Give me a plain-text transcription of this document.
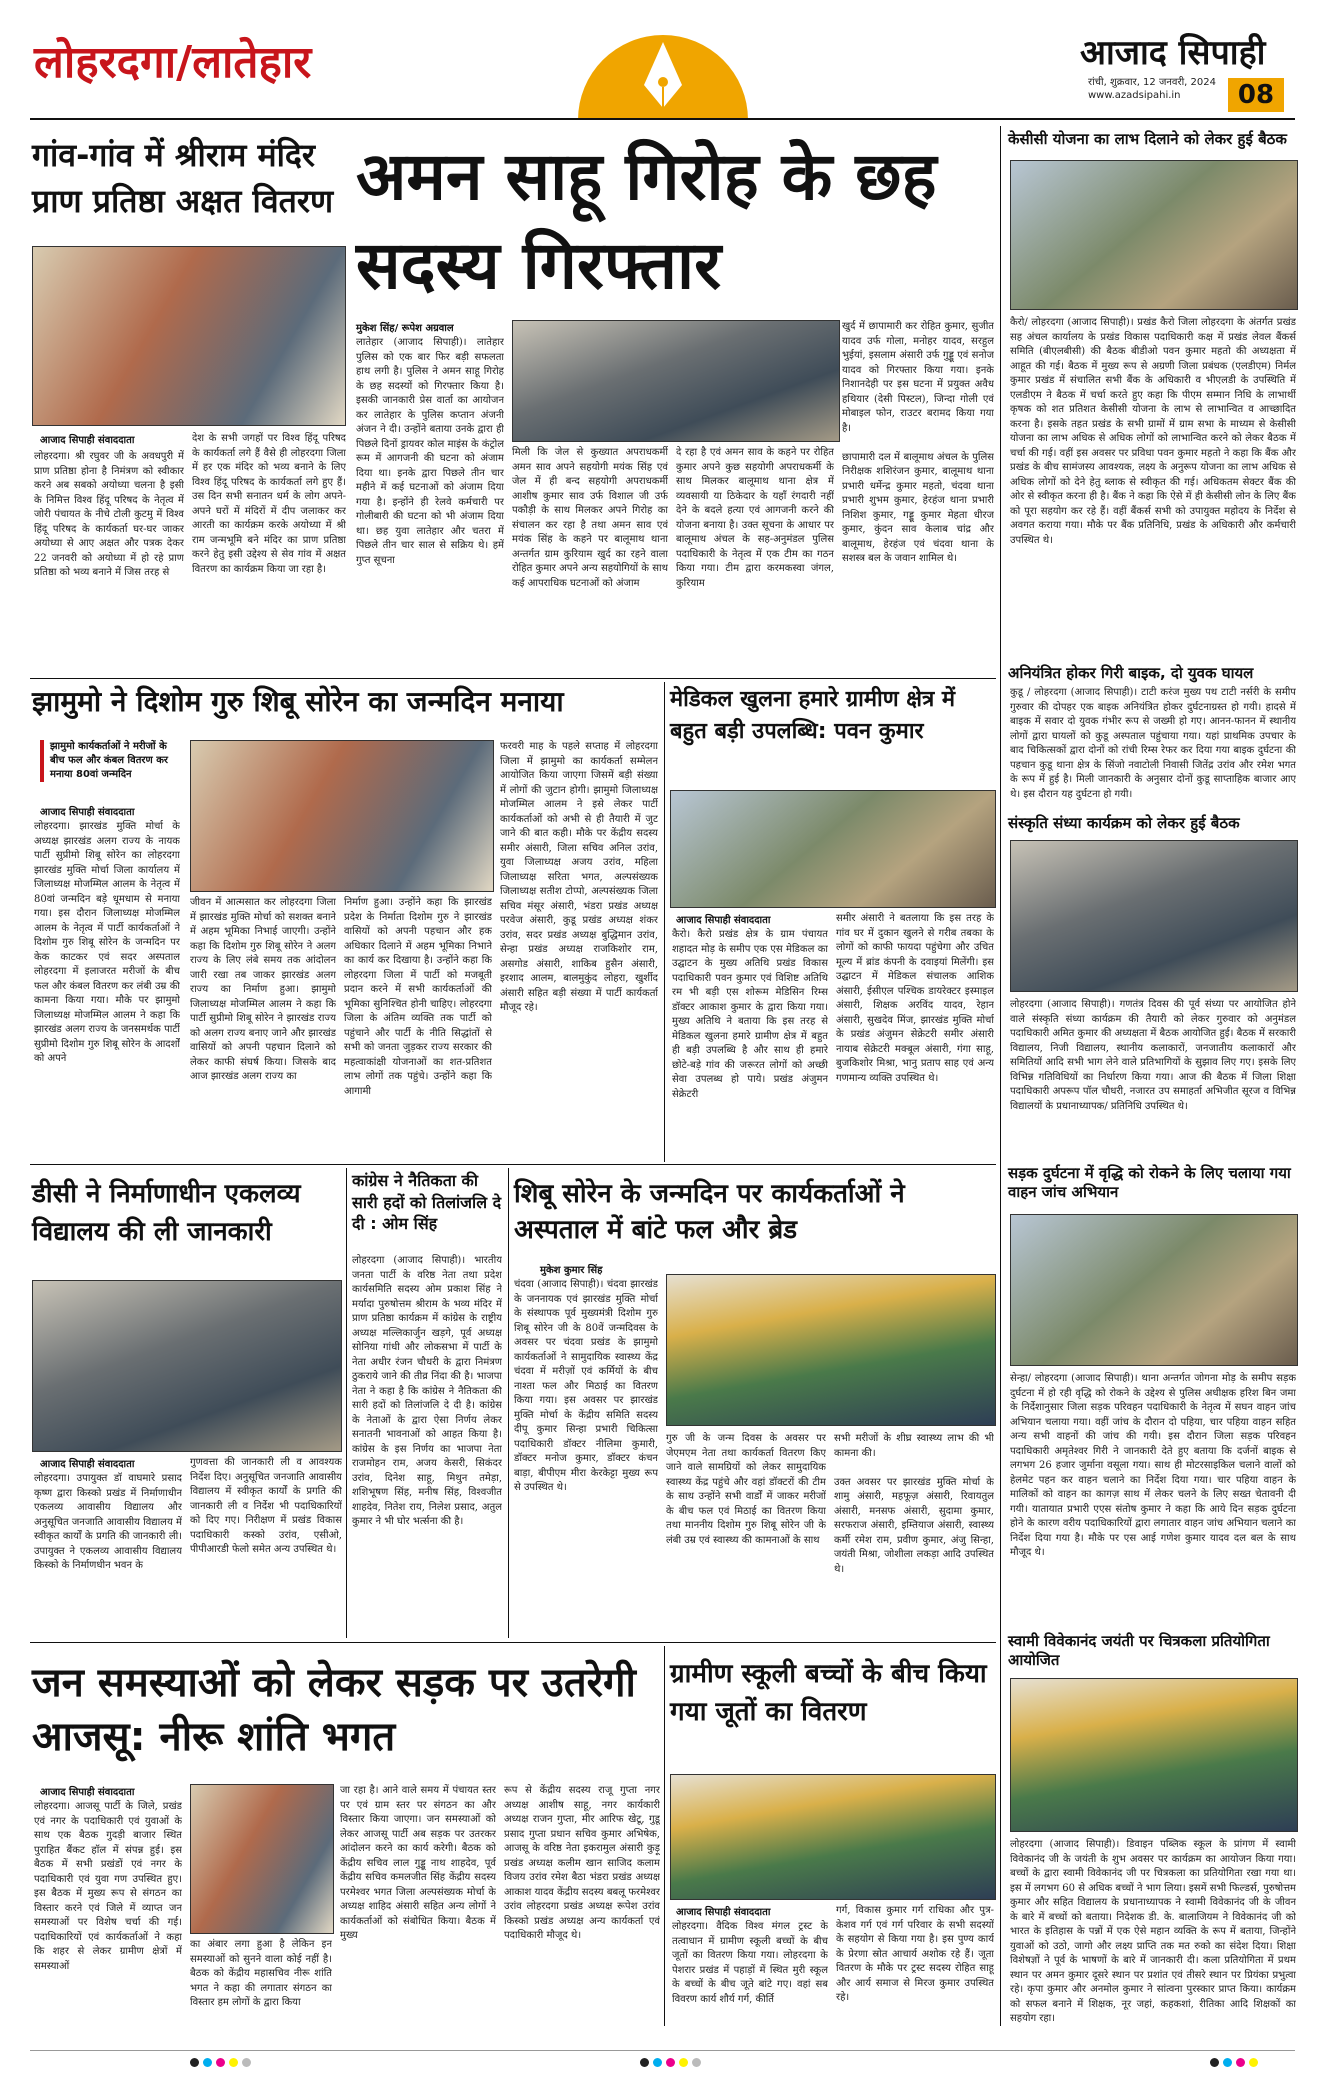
लोहरदगा/लातेहार	आजाद सिपाही
रांची, शुक्रवार, 12 जनवरी, 2024
www.azadsipahi.in	08
गांव-गांव में श्रीराम मंदिर प्राण प्रतिष्ठा अक्षत वितरण
आजाद सिपाही संवाददाता
लोहरदगा। श्री रघुवर जी के अवधपुरी में प्राण प्रतिष्ठा होना है निमंत्रण को स्वीकार करने अब सबको अयोध्या चलना है इसी के निमित्त विश्व हिंदू परिषद के नेतृत्व में जोरी पंचायत के नीचे टोली कुटमु में विश्व हिंदू परिषद के कार्यकर्ता घर-घर जाकर अयोध्या से आए अक्षत और पत्रक देकर 22 जनवरी को अयोध्या में हो रहे प्राण प्रतिष्ठा को भव्य बनाने में जिस तरह से
देश के सभी जगहों पर विश्व हिंदू परिषद के कार्यकर्ता लगे हैं वैसे ही लोहरदगा जिला में हर एक मंदिर को भव्य बनाने के लिए विश्व हिंदू परिषद के कार्यकर्ता लगे हुए हैं। उस दिन सभी सनातन धर्म के लोग अपने-अपने घरों में मंदिरों में दीप जलाकर कर आरती का कार्यक्रम करके अयोध्या में श्री राम जन्मभूमि बने मंदिर का प्राण प्रतिष्ठा करने हेतु इसी उद्देश्य से सेव गांव में अक्षत वितरण का कार्यक्रम किया जा रहा है।
अमन साहू गिरोह के छह सदस्य गिरफ्तार
मुकेश सिंह/ रूपेश अग्रवाल
लातेहार (आजाद सिपाही)। लातेहार पुलिस को एक बार फिर बड़ी सफलता हाथ लगी है। पुलिस ने अमन साहू गिरोह के छह सदस्यों को गिरफ्तार किया है। इसकी जानकारी प्रेस वार्ता का आयोजन कर लातेहार के पुलिस कप्तान अंजनी अंजन ने दी। उन्होंने बताया उनके द्वारा ही पिछले दिनों ड्रायवर कोल माइंस के कंट्रोल रूम में आगजनी की घटना को अंजाम दिया था। इनके द्वारा पिछले तीन चार महीने में कई घटनाओं को अंजाम दिया गया है। इन्होंने ही रेलवे कर्मचारी पर गोलीबारी की घटना को भी अंजाम दिया था। छह युवा लातेहार और चतरा में पिछले तीन चार साल से सक्रिय थे। हमें गुप्त सूचना
मिली कि जेल से कुख्यात अपराधकर्मी अमन साव अपने सहयोगी मयंक सिंह एवं जेल में ही बन्द सहयोगी अपराधकर्मी आशीष कुमार साव उर्फ विशाल जी उर्फ पकौड़ी के साथ मिलकर अपने गिरोह का संचालन कर रहा है तथा अमन साव एवं मयंक सिंह के कहने पर बालूमाथ थाना अन्तर्गत ग्राम कुरियाम खुर्द का रहने वाला रोहित कुमार अपने अन्य सहयोगियों के साथ कई आपराधिक घटनाओं को अंजाम
दे रहा है एवं अमन साव के कहने पर रोहित कुमार अपने कुछ सहयोगी अपराधकर्मी के साथ मिलकर बालूमाथ थाना क्षेत्र में व्यवसायी या ठिकेदार के यहाँ रंगदारी नहीं देने के बदले हत्या एवं आगजनी करने की योजना बनाया है। उक्त सूचना के आधार पर बालूमाथ अंचल के सह-अनुमंडल पुलिस पदाधिकारी के नेतृत्व में एक टीम का गठन किया गया। टीम द्वारा करमकस्वा जंगल, कुरियाम
खुर्द में छापामारी कर रोहित कुमार, सुजीत यादव उर्फ गोला, मनोहर यादव, सरहुल भुईयां, इसलाम अंसारी उर्फ गुड्डू एवं सनोज यादव को गिरफ्तार किया गया। इनके निशानदेही पर इस घटना में प्रयुक्त अवैध हथियार (देसी पिस्टल), जिन्दा गोली एवं मोबाइल फोन, राउटर बरामद किया गया है।

छापामारी दल में बालूमाथ अंचल के पुलिस निरीक्षक शशिरंजन कुमार, बालूमाथ थाना प्रभारी धर्मेन्द्र कुमार महतो, चंदवा थाना प्रभारी शुभम कुमार, हेरहंज थाना प्रभारी निशिश कुमार, गड्डू कुमार मेहता धीरज कुमार, कुंदन साव केलाब चांद्र और बालूमाथ, हेरहंज एवं चंदवा थाना के सशस्त्र बल के जवान शामिल थे।
केसीसी योजना का लाभ दिलाने को लेकर हुई बैठक
कैरो/ लोहरदगा (आजाद सिपाही)। प्रखंड कैरो जिला लोहरदगा के अंतर्गत प्रखंड सह अंचल कार्यालय के प्रखंड विकास पदाधिकारी कक्ष में प्रखंड लेवल बैंकर्स समिति (बीएलबीसी) की बैठक बीडीओ पवन कुमार महतो की अध्यक्षता में आहूत की गई। बैठक में मुख्य रूप से अग्रणी जिला प्रबंधक (एलडीएम) निर्मल कुमार प्रखंड में संचालित सभी बैंक के अधिकारी व भीएलडी के उपस्थिति में एलडीएम ने बैठक में चर्चा करते हुए कहा कि पीएम सम्मान निधि के लाभार्थी कृषक को शत प्रतिशत केसीसी योजना के लाभ से लाभान्वित व आच्छादित करना है। इसके तहत प्रखंड के सभी ग्रामों में ग्राम सभा के माध्यम से केसीसी योजना का लाभ अधिक से अधिक लोगों को लाभान्वित करने को लेकर बैठक में चर्चा की गई। वहीं इस अवसर पर प्रविधा पवन कुमार महतो ने कहा कि बैंक और प्रखंड के बीच सामंजस्य आवश्यक, लक्ष्य के अनुरूप योजना का लाभ अधिक से अधिक लोगों को देने हेतु ब्लाक से स्वीकृत की गई। अधिकतम सेक्टर बैंक की ओर से स्वीकृत करना ही है। बैंक ने कहा कि ऐसे में ही केसीसी लोन के लिए बैंक को पूरा सहयोग कर रहे हैं। वहीं बैंकर्स सभी को उपायुक्त महोदय के निर्देश से अवगत कराया गया। मौके पर बैंक प्रतिनिधि, प्रखंड के अधिकारी और कर्मचारी उपस्थित थे।
अनियंत्रित होकर गिरी बाइक, दो युवक घायल
कुडू / लोहरदगा (आजाद सिपाही)। टाटी करंज मुख्य पथ टाटी नर्सरी के समीप गुरुवार की दोपहर एक बाइक अनियंत्रित होकर दुर्घटनाग्रस्त हो गयी। हादसे में बाइक में सवार दो युवक गंभीर रूप से जख्मी हो गए। आनन-फानन में स्थानीय लोगों द्वारा घायलों को कुडू अस्पताल पहुंचाया गया। यहां प्राथमिक उपचार के बाद चिकित्सकों द्वारा दोनों को रांची रिम्स रेफर कर दिया गया बाइक दुर्घटना की पहचान कुडू थाना क्षेत्र के सिंजो नवाटोली निवासी जितेंद्र उरांव और रमेश भगत के रूप में हुई है। मिली जानकारी के अनुसार दोनों कुडू साप्ताहिक बाजार आए थे। इस दौरान यह दुर्घटना हो गयी।
संस्कृति संध्या कार्यक्रम को लेकर हुई बैठक
लोहरदगा (आजाद सिपाही)। गणतंत्र दिवस की पूर्व संध्या पर आयोजित होने वाले संस्कृति संध्या कार्यक्रम की तैयारी को लेकर गुरुवार को अनुमंडल पदाधिकारी अमित कुमार की अध्यक्षता में बैठक आयोजित हुई। बैठक में सरकारी विद्यालय, निजी विद्यालय, स्थानीय कलाकारों, जनजातीय कलाकारों और समितियों आदि सभी भाग लेने वाले प्रतिभागियों के सुझाव लिए गए। इसके लिए विभिन्न गतिविधियों का निर्धारण किया गया। आज की बैठक में जिला शिक्षा पदाधिकारी अपरूप पॉल चौधरी, नजारत उप समाहर्ता अभिजीत सूरज व विभिन्न विद्यालयों के प्रधानाध्यापक/ प्रतिनिधि उपस्थित थे।
सड़क दुर्घटना में वृद्धि को रोकने के लिए चलाया गया वाहन जांच अभियान
सेन्हा/ लोहरदगा (आजाद सिपाही)। थाना अन्तर्गत जोगना मोड़ के समीप सड़क दुर्घटना में हो रही वृद्धि को रोकने के उद्देश्य से पुलिस अधीक्षक हरिश बिन जमा के निर्देशानुसार जिला सड़क परिवहन पदाधिकारी के नेतृत्व में सघन वाहन जांच अभियान चलाया गया। वहीं जांच के दौरान दो पहिया, चार पहिया वाहन सहित अन्य सभी वाहनों की जांच की गयी। इस दौरान जिला सड़क परिवहन पदाधिकारी अमृतेश्वर गिरी ने जानकारी देते हुए बताया कि दर्जनों बाइक से लगभग 26 हजार जुर्माना वसूला गया। साथ ही मोटरसाइकिल चलाने वालों को हेलमेट पहन कर वाहन चलाने का निर्देश दिया गया। चार पहिया वाहन के मालिकों को वाहन का कागज़ साथ में लेकर चलने के लिए सख्त चेतावनी दी गयी। यातायात प्रभारी एएस संतोष कुमार ने कहा कि आये दिन सड़क दुर्घटना होने के कारण वरीय पदाधिकारियों द्वारा लगातार वाहन जांच अभियान चलाने का निर्देश दिया गया है। मौके पर एस आई गणेश कुमार यादव दल बल के साथ मौजूद थे।
स्वामी विवेकानंद जयंती पर चित्रकला प्रतियोगिता आयोजित
लोहरदगा (आजाद सिपाही)। डिवाइन पब्लिक स्कूल के प्रांगण में स्वामी विवेकानंद जी के जयंती के शुभ अवसर पर कार्यक्रम का आयोजन किया गया। बच्चों के द्वारा स्वामी विवेकानंद जी पर चित्रकला का प्रतियोगिता रखा गया था। इस में लगभग 60 से अधिक बच्चों ने भाग लिया। इसमें सभी फिल्डर्स, पुरुषोत्तम कुमार और सहित विद्यालय के प्रधानाध्यापक ने स्वामी विवेकानंद जी के जीवन के बारे में बच्चों को बताया। निदेशक डी. के. बालाजियम ने विवेकानंद जी को भारत के इतिहास के पन्नों में एक ऐसे महान व्यक्ति के रूप में बताया, जिन्होंने युवाओं को उठो, जागो और लक्ष्य प्राप्ति तक मत रुको का संदेश दिया। शिक्षा विशेषज्ञों ने पूर्व के भाषणों के बारे में जानकारी दी। कला प्रतियोगिता में प्रथम स्थान पर अमन कुमार दूसरे स्थान पर प्रशांत एवं तीसरे स्थान पर प्रियंका प्रभुत्वा रहे। कृपा कुमार और अनमोल कुमार ने सांत्वना पुरस्कार प्राप्त किया। कार्यक्रम को सफल बनाने में शिक्षक, नूर जहां, कहकशां, रीतिका आदि शिक्षकों का सहयोग रहा।
झामुमो ने दिशोम गुरु शिबू सोरेन का जन्मदिन मनाया
झामुमो कार्यकर्ताओं ने मरीजों के बीच फल और कंबल वितरण कर मनाया 80वां जन्मदिन
आजाद सिपाही संवाददाता
लोहरदगा। झारखंड मुक्ति मोर्चा के अध्यक्ष झारखंड अलग राज्य के नायक पार्टी सुप्रीमो शिबू सोरेन का लोहरदगा झारखंड मुक्ति मोर्चा जिला कार्यालय में जिलाध्यक्ष मोजम्मिल आलम के नेतृत्व में 80वां जन्मदिन बड़े धूमधाम से मनाया गया। इस दौरान जिलाध्यक्ष मोजम्मिल आलम के नेतृत्व में पार्टी कार्यकर्ताओं ने दिशोम गुरु शिबू सोरेन के जन्मदिन पर केक काटकर एवं सदर अस्पताल लोहरदगा में इलाजरत मरीजों के बीच फल और कंबल वितरण कर लंबी उम्र की कामना किया गया। मौके पर झामुमो जिलाध्यक्ष मोजम्मिल आलम ने कहा कि झारखंड अलग राज्य के जनसमर्थक पार्टी सुप्रीमो दिशोम गुरु शिबू सोरेन के आदर्शों को अपने
जीवन में आत्मसात कर लोहरदगा जिला में झारखंड मुक्ति मोर्चा को सशक्त बनाने में अहम भूमिका निभाई जाएगी। उन्होंने कहा कि दिशोम गुरु शिबू सोरेन ने अलग राज्य के लिए लंबे समय तक आंदोलन जारी रखा तब जाकर झारखंड अलग राज्य का निर्माण हुआ। झामुमो जिलाध्यक्ष मोजम्मिल आलम ने कहा कि पार्टी सुप्रीमो शिबू सोरेन ने झारखंड राज्य को अलग राज्य बनाए जाने और झारखंड वासियों को अपनी पहचान दिलाने को लेकर काफी संघर्ष किया। जिसके बाद आज झारखंड अलग राज्य का
निर्माण हुआ। उन्होंने कहा कि झारखंड प्रदेश के निर्माता दिशोम गुरु ने झारखंड वासियों को अपनी पहचान और हक अधिकार दिलाने में अहम भूमिका निभाने का कार्य कर दिखाया है। उन्होंने कहा कि लोहरदगा जिला में पार्टी को मजबूती प्रदान करने में सभी कार्यकर्ताओं की भूमिका सुनिश्चित होनी चाहिए। लोहरदगा जिला के अंतिम व्यक्ति तक पार्टी को पहुंचाने और पार्टी के नीति सिद्धांतों से सभी को जनता जुड़कर राज्य सरकार की महत्वाकांक्षी योजनाओं का शत-प्रतिशत लाभ लोगों तक पहुंचे। उन्होंने कहा कि आगामी
फरवरी माह के पहले सप्ताह में लोहरदगा जिला में झामुमो का कार्यकर्ता सम्मेलन आयोजित किया जाएगा जिसमें बड़ी संख्या में लोगों की जुटान होगी। झामुमो जिलाध्यक्ष मोजम्मिल आलम ने इसे लेकर पार्टी कार्यकर्ताओं को अभी से ही तैयारी में जुट जाने की बात कही। मौके पर केंद्रीय सदस्य समीर अंसारी, जिला सचिव अनिल उरांव, युवा जिलाध्यक्ष अजय उरांव, महिला जिलाध्यक्ष सरिता भगत, अल्पसंख्यक जिलाध्यक्ष सतीश टोप्पो, अल्पसंख्यक जिला सचिव मंसूर अंसारी, भंडरा प्रखंड अध्यक्ष परवेज अंसारी, कुडू प्रखंड अध्यक्ष शंकर उरांव, सदर प्रखंड अध्यक्ष बुद्धिमान उरांव, सेन्हा प्रखंड अध्यक्ष राजकिशोर राम, असगोड अंसारी, शाकिब हुसैन अंसारी, इरशाद आलम, बालमुकुंद लोहरा, खुर्शीद अंसारी सहित बड़ी संख्या में पार्टी कार्यकर्ता मौजूद रहे।
मेडिकल खुलना हमारे ग्रामीण क्षेत्र में बहुत बड़ी उपलब्धि: पवन कुमार
आजाद सिपाही संवाददाता
कैरो। कैरो प्रखंड क्षेत्र के ग्राम पंचायत शहादत मोड़ के समीप एक एस मेडिकल का उद्घाटन के मुख्य अतिथि प्रखंड विकास पदाधिकारी पवन कुमार एवं विशिष्ट अतिथि रम भी बड़ी एस शोरूम मेडिसिन रिम्स डॉक्टर आकाश कुमार के द्वारा किया गया। मुख्य अतिथि ने बताया कि इस तरह से मेडिकल खुलना हमारे ग्रामीण क्षेत्र में बहुत ही बड़ी उपलब्धि है और साथ ही हमारे छोटे-बड़े गांव की जरूरत लोगों को अच्छी सेवा उपलब्ध हो पाये। प्रखंड अंजुमन सेक्रेटरी
समीर अंसारी ने बतलाया कि इस तरह के गांव घर में दुकान खुलने से गरीब तबका के लोगों को काफी फायदा पहुंचेगा और उचित मूल्य में ब्रांड कंपनी के दवाइयां मिलेंगी। इस उद्घाटन में मेडिकल संचालक आशिक अंसारी, ईसीएल पश्चिक डायरेक्टर इस्माइल अंसारी, शिक्षक अरविंद यादव, रेहान अंसारी, सुखदेव मिंज, झारखंड मुक्ति मोर्चा के प्रखंड अंजुमन सेक्रेटरी समीर अंसारी नायाब सेक्रेटरी मक्बूल अंसारी, गंगा साहू, बुजकिशोर मिश्रा, भानु प्रताप साह एवं अन्य गणमान्य व्यक्ति उपस्थित थे।
डीसी ने निर्माणाधीन एकलव्य विद्यालय की ली जानकारी
आजाद सिपाही संवाददाता
लोहरदगा। उपायुक्त डॉ वाघमारे प्रसाद कृष्ण द्वारा किस्को प्रखंड में निर्माणाधीन एकलव्य आवासीय विद्यालय और अनुसूचित जनजाति आवासीय विद्यालय में स्वीकृत कार्यों के प्रगति की जानकारी ली। उपायुक्त ने एकलव्य आवासीय विद्यालय किस्को के निर्माणधीन भवन के
गुणवत्ता की जानकारी ली व आवश्यक निर्देश दिए। अनुसूचित जनजाति आवासीय विद्यालय में स्वीकृत कार्यों के प्रगति की जानकारी ली व निर्देश भी पदाधिकारियों को दिए गए। निरीक्षण में प्रखंड विकास पदाधिकारी कस्को उरांव, एसीओ, पीपीआरडी फेलो समेत अन्य उपस्थित थे।
कांग्रेस ने नैतिकता की सारी हदों को तिलांजलि दे दी : ओम सिंह
लोहरदगा (आजाद सिपाही)। भारतीय जनता पार्टी के वरिष्ठ नेता तथा प्रदेश कार्यसमिति सदस्य ओम प्रकाश सिंह ने मर्यादा पुरुषोत्तम श्रीराम के भव्य मंदिर में प्राण प्रतिष्ठा कार्यक्रम में कांग्रेस के राष्ट्रीय अध्यक्ष मल्लिकार्जुन खड़गे, पूर्व अध्यक्ष सोनिया गांधी और लोकसभा में पार्टी के नेता अधीर रंजन चौधरी के द्वारा निमंत्रण ठुकराये जाने की तीव्र निंदा की है। भाजपा नेता ने कहा है कि कांग्रेस ने नैतिकता की सारी हदों को तिलांजलि दे दी है। कांग्रेस के नेताओं के द्वारा ऐसा निर्णय लेकर सनातनी भावनाओं को आहत किया है। कांग्रेस के इस निर्णय का भाजपा नेता राजमोहन राम, अजय केसरी, सिकंदर उरांव, दिनेश साहू, मिथुन तमेड़ा, शशिभूषण सिंह, मनीष सिंह, विश्वजीत शाहदेव, नितेश राय, निलेश प्रसाद, अतुल कुमार ने भी घोर भर्त्सना की है।
शिबू सोरेन के जन्मदिन पर कार्यकर्ताओं ने अस्पताल में बांटे फल और ब्रेड
मुकेश कुमार सिंह
चंदवा (आजाद सिपाही)। चंदवा झारखंड के जननायक एवं झारखंड मुक्ति मोर्चा के संस्थापक पूर्व मुख्यमंत्री दिशोम गुरु शिबू सोरेन जी के 80वें जन्मदिवस के अवसर पर चंदवा प्रखंड के झामुमो कार्यकर्ताओं ने सामुदायिक स्वास्थ्य केंद्र चंदवा में मरीज़ों एवं कर्मियों के बीच नाश्ता फल और मिठाई का वितरण किया गया। इस अवसर पर झारखंड मुक्ति मोर्चा के केंद्रीय समिति सदस्य दीपू कुमार सिन्हा प्रभारी चिकित्सा पदाधिकारी डॉक्टर नीलिमा कुमारी, डॉक्टर मनोज कुमार, डॉक्टर कंचन बाड़ा, बीपीएम मीरा केरकेट्टा मुख्य रूप से उपस्थित थे।
गुरु जी के जन्म दिवस के अवसर पर जेएमएम नेता तथा कार्यकर्ता वितरण किए जाने वाले सामग्रियों को लेकर सामुदायिक स्वास्थ्य केंद्र पहुंचे और वहां डॉक्टरों की टीम के साथ उन्होंने सभी वार्डों में जाकर मरीजों के बीच फल एवं मिठाई का वितरण किया तथा माननीय दिशोम गुरु शिबू सोरेन जी के लंबी उम्र एवं स्वास्थ्य की कामनाओं के साथ
सभी मरीजों के शीघ्र स्वास्थ्य लाभ की भी कामना की।

उक्त अवसर पर झारखंड मुक्ति मोर्चा के शामु अंसारी, महफूज़ अंसारी, रिवायतुल अंसारी, मनसफ अंसारी, सुदामा कुमार, सरफराज अंसारी, इम्तियाज अंसारी, स्वास्थ्य कर्मी रमेश राम, प्रवीण कुमार, अंजु सिन्हा, जयंती मिश्रा, जोशीला लकड़ा आदि उपस्थित थे।
जन समस्याओं को लेकर सड़क पर उतरेगी आजसू: नीरू शांति भगत
आजाद सिपाही संवाददाता
लोहरदगा। आजसू पार्टी के जिले, प्रखंड एवं नगर के पदाधिकारी एवं युवाओं के साथ एक बैठक गुदड़ी बाजार स्थित पुराहित बैंकट हॉल में संपन्न हुई। इस बैठक में सभी प्रखंडों एवं नगर के पदाधिकारी एवं युवा गण उपस्थित हुए। इस बैठक में मुख्य रूप से संगठन का विस्तार करने एवं जिले में व्याप्त जन समस्याओं पर विशेष चर्चा की गई। पदाधिकारियों एवं कार्यकर्ताओं ने कहा कि शहर से लेकर ग्रामीण क्षेत्रों में समस्याओं
का अंबार लगा हुआ है लेकिन इन समस्याओं को सुनने वाला कोई नहीं है। बैठक को केंद्रीय महासचिव नीरू शांति भगत ने कहा की लगातार संगठन का विस्तार हम लोगों के द्वारा किया
जा रहा है। आने वाले समय में पंचायत स्तर पर एवं ग्राम स्तर पर संगठन का और विस्तार किया जाएगा। जन समस्याओं को लेकर आजसू पार्टी अब सड़क पर उतरकर आंदोलन करने का कार्य करेगी। बैठक को केंद्रीय सचिव लाल गुड्डू नाथ शाहदेव, पूर्व केंद्रीय सचिव कमलजीत सिंह केंद्रीय सदस्य परमेश्वर भगत जिला अल्पसंख्यक मोर्चा के अध्यक्ष शाहिद अंसारी सहित अन्य लोगों ने कार्यकर्ताओं को संबोधित किया। बैठक में मुख्य
रूप से केंद्रीय सदस्य राजू गुप्ता नगर अध्यक्ष आशीष साहू, नगर कार्यकारी अध्यक्ष राजन गुप्ता, मीर आरिफ खेटू, गुडू प्रसाद गुप्ता प्रधान सचिव कुमार अभिषेक, आजसू के वरिष्ठ नेता इकरामुल अंसारी कुड़ू प्रखंड अध्यक्ष कलीम खान साजिद कलाम विजय उरांव रमेश बैठा भंडरा प्रखंड अध्यक्ष आकाश यादव केंद्रीय सदस्य बबलू फरमेश्वर उरांव लोहरदगा प्रखंड अध्यक्ष रूपेश उरांव किस्को प्रखंड अध्यक्ष अन्य कार्यकर्ता एवं पदाधिकारी मौजूद थे।
ग्रामीण स्कूली बच्चों के बीच किया गया जूतों का वितरण
आजाद सिपाही संवाददाता
लोहरदगा। वैदिक विश्व मंगल ट्रस्ट के तत्वाधान में ग्रामीण स्कूली बच्चों के बीच जूतों का वितरण किया गया। लोहरदगा के पेशरार प्रखंड में पहाड़ों में स्थित मुरी स्कूल के बच्चों के बीच जूते बांटे गए। वहां सब विवरण कार्य शौर्य गर्ग, कीर्ति
गर्ग, विकास कुमार गर्ग राधिका और पुत्र- केशव गर्ग एवं गर्ग परिवार के सभी सदस्यों के सहयोग से किया गया है। इस पुण्य कार्य के प्रेरणा स्रोत आचार्य अशोक रहे हैं। जूता वितरण के मौके पर ट्रस्ट सदस्य रोहित साहू और आर्य समाज से मिरज कुमार उपस्थित रहे।
